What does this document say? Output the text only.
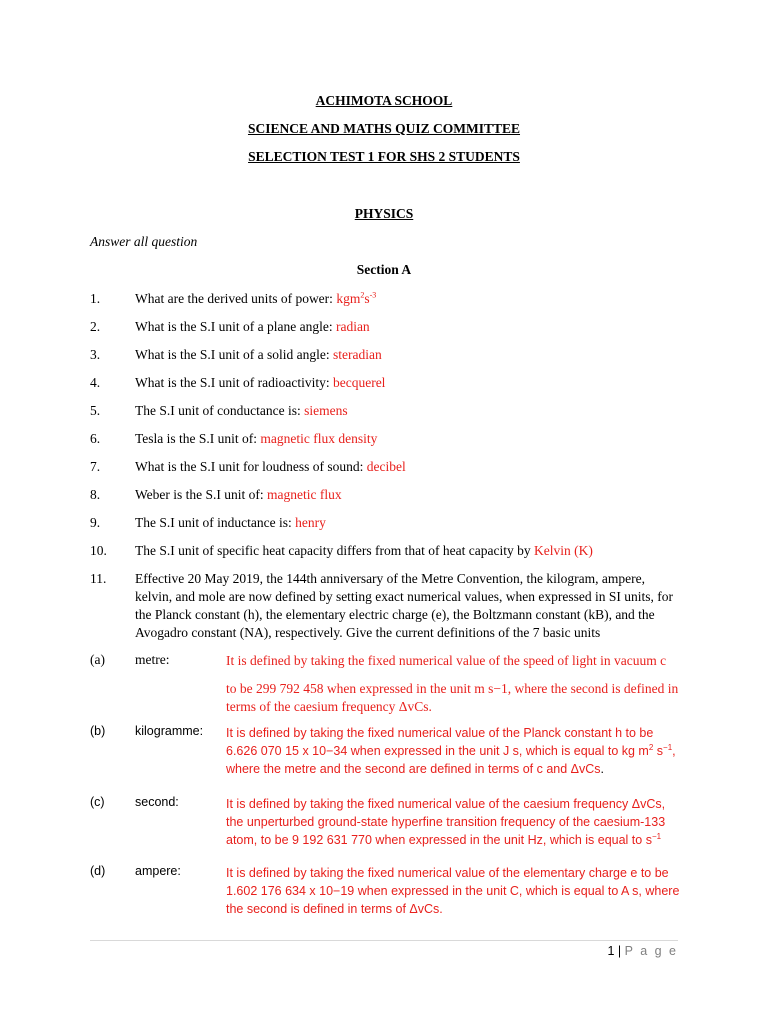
ACHIMOTA SCHOOL
SCIENCE AND MATHS QUIZ COMMITTEE
SELECTION TEST 1 FOR SHS 2 STUDENTS
PHYSICS
Answer all question
Section A
1.	What are the derived units of power: $kgm^2s^{-3}$
2.	What is the S.I unit of a plane angle: radian
3.	What is the S.I unit of a solid angle: steradian
4.	What is the S.I unit of radioactivity: becquerel
5.	The S.I unit of conductance is: siemens
6.	Tesla is the S.I unit of: magnetic flux density
7.	What is the S.I unit for loudness of sound: decibel
8.	Weber is the S.I unit of: magnetic flux
9.	The S.I unit of inductance is: henry
10. The S.I unit of specific heat capacity differs from that of heat capacity by Kelvin (K)
11. Effective 20 May 2019, the 144th anniversary of the Metre Convention, the kilogram, ampere, kelvin, and mole are now defined by setting exact numerical values, when expressed in SI units, for the Planck constant (h), the elementary electric charge (e), the Boltzmann constant (kB), and the Avogadro constant (NA), respectively. Give the current definitions of the 7 basic units
(a) metre:	It is defined by taking the fixed numerical value of the speed of light in vacuum c
to be 299 792 458 when expressed in the unit m s−1, where the second is defined in terms of the caesium frequency ΔvCs.
(b) kilogramme: It is defined by taking the fixed numerical value of the Planck constant h to be 6.626 070 15 x 10−34 when expressed in the unit J s, which is equal to kg $m^2$ $s^{-1}$, where the metre and the second are defined in terms of c and ΔvCs.
(c) second:	It is defined by taking the fixed numerical value of the caesium frequency ΔvCs, the unperturbed ground-state hyperfine transition frequency of the caesium-133 atom, to be 9 192 631 770 when expressed in the unit Hz, which is equal to $s^{-1}$
(d) ampere:	It is defined by taking the fixed numerical value of the elementary charge e to be 1.602 176 634 x 10−19 when expressed in the unit C, which is equal to A s, where the second is defined in terms of ΔvCs.
1 | P a g e
